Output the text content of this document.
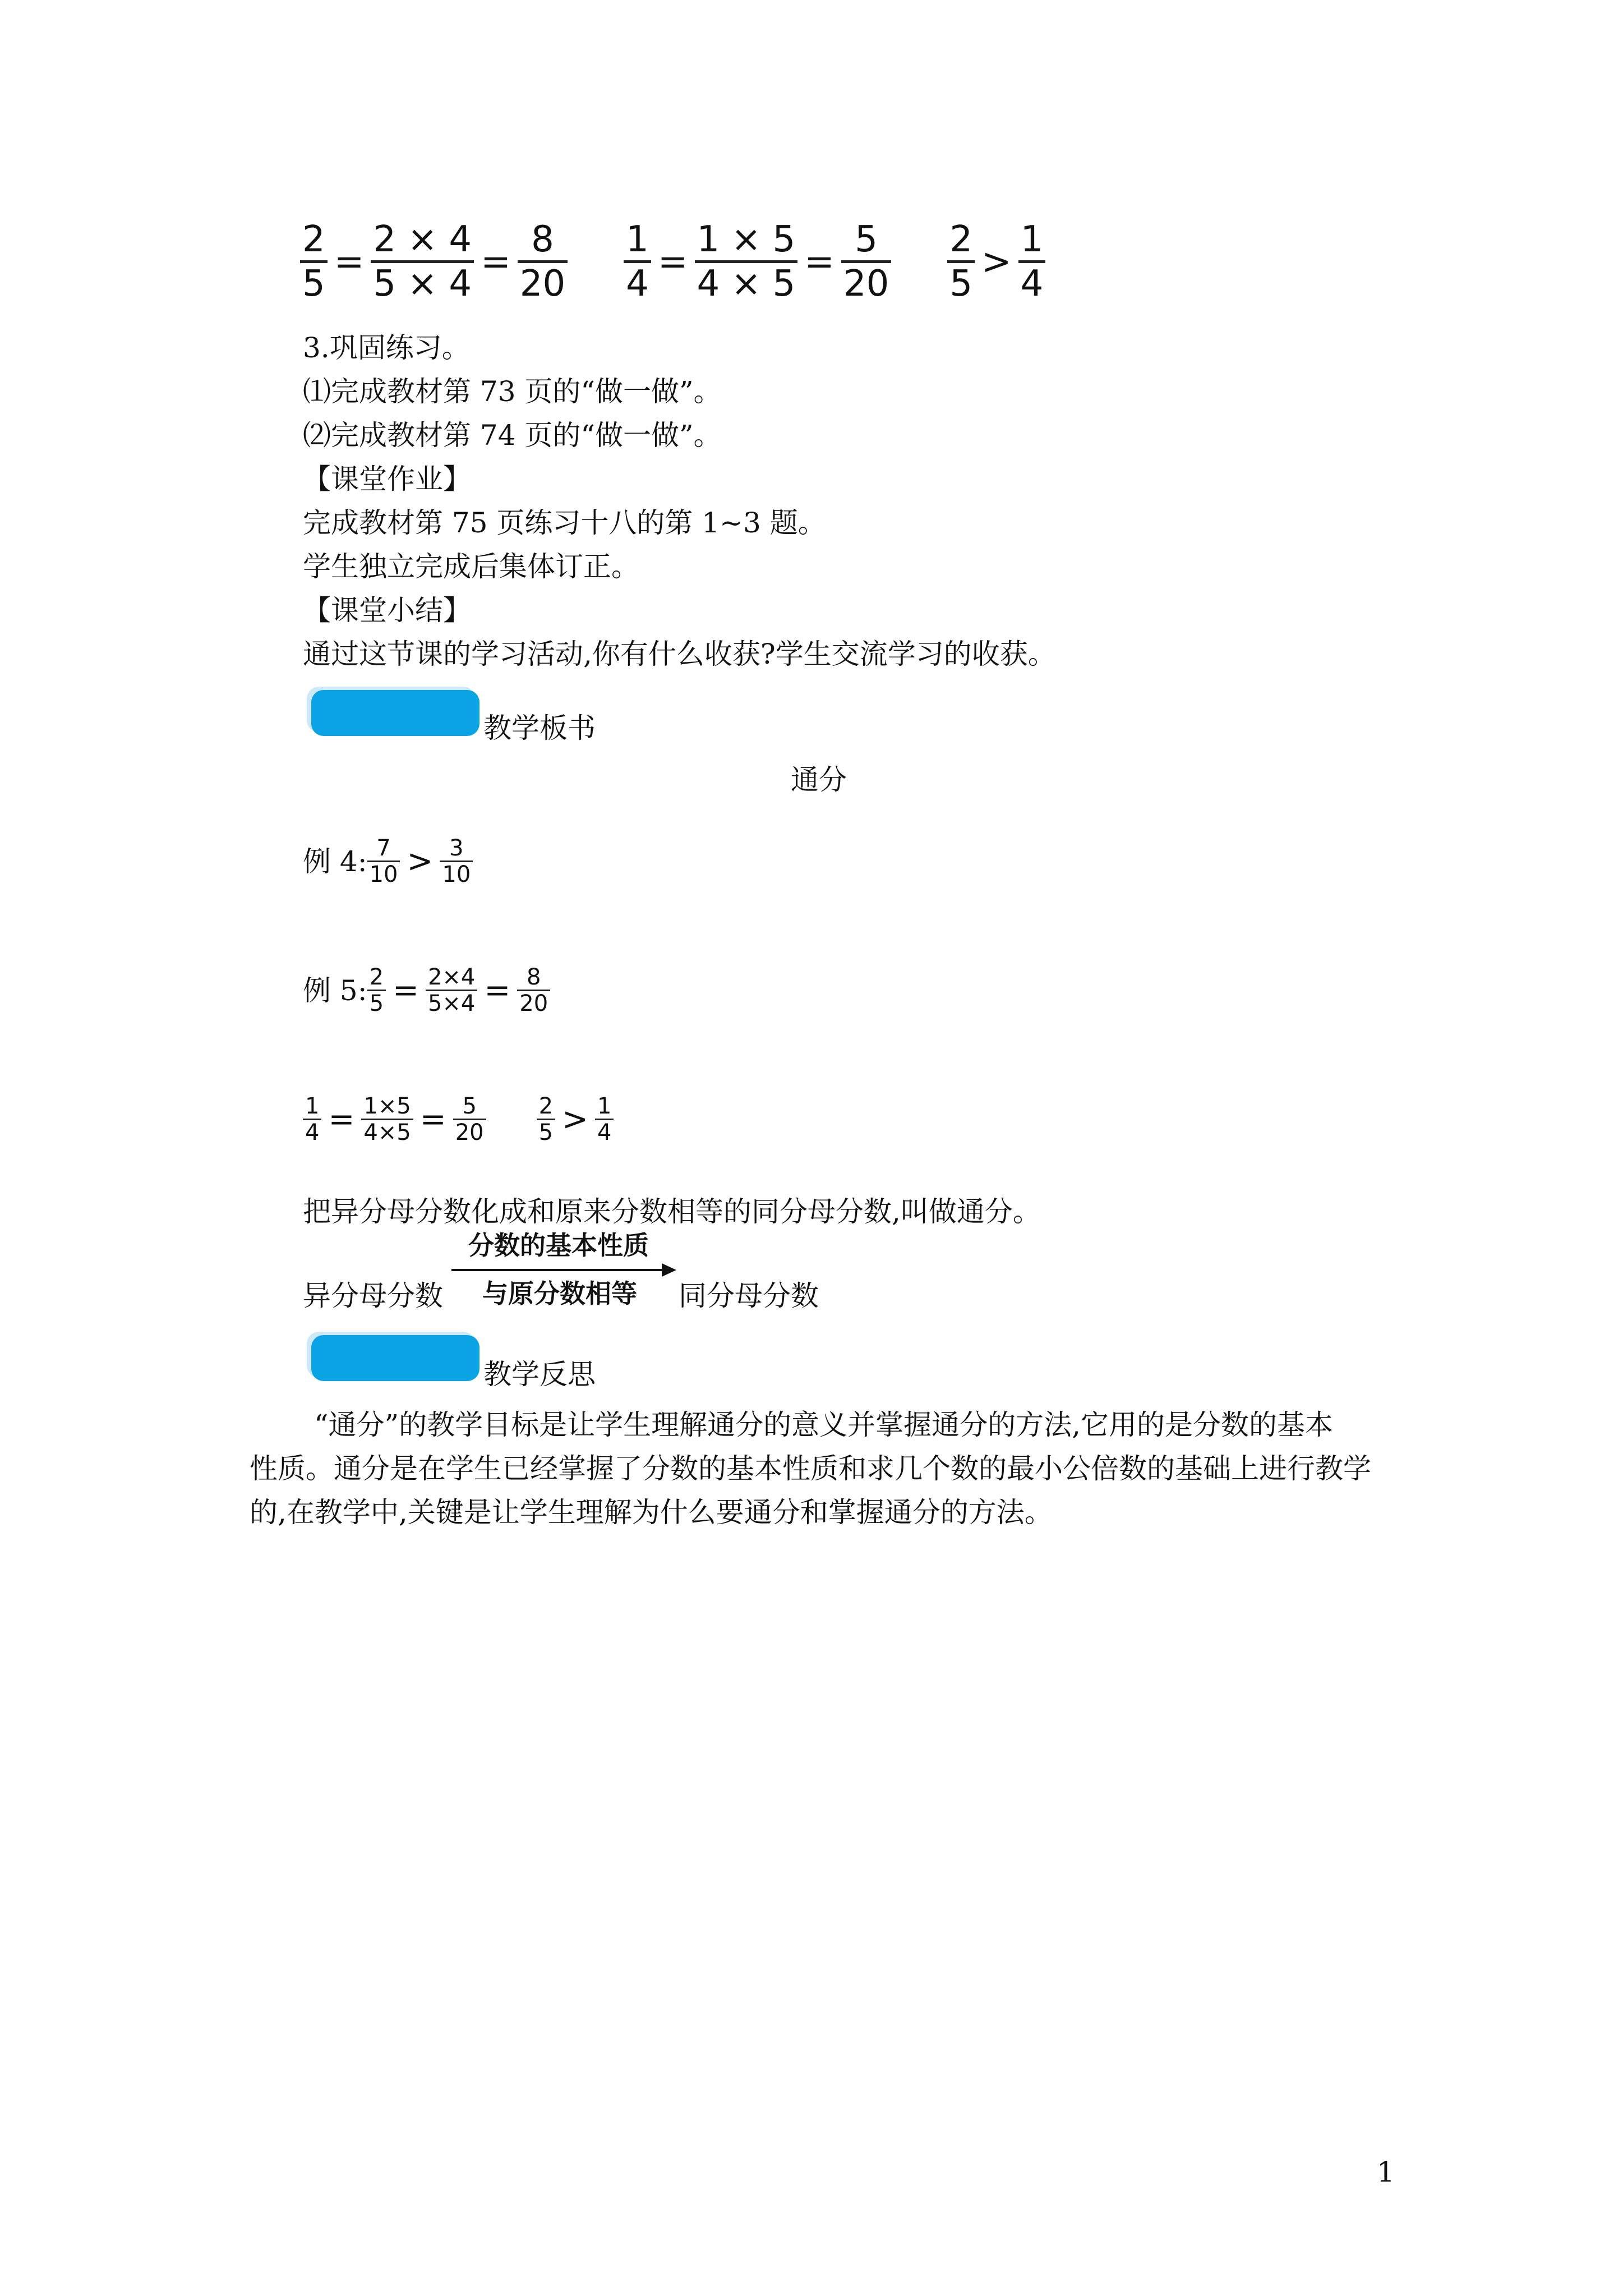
2
5
=
2 × 4
5 × 4
=
8
20
1
4
=
1 × 5
4 × 5
=
5
20
2
5
>
1
4
3.巩固练习。
⑴完成教材第 73 页的“做一做”。
⑵完成教材第 74 页的“做一做”。
【课堂作业】
完成教材第 75 页练习十八的第 1~3 题。
学生独立完成后集体订正。
【课堂小结】
通过这节课的学习活动,你有什么收获?学生交流学习的收获。
教学板书
通分
例 4: $\frac{7}{10} > \frac{3}{10}$
例 5: $\frac{2}{5} = \frac{2\times 4}{5\times 4} = \frac{8}{20}$
$\frac{1}{4} = \frac{1\times 5}{4\times 5} = \frac{5}{20} \frac{2}{5} > \frac{1}{4}$
把异分母分数化成和原来分数相等的同分母分数,叫做通分。
异分母分数
分数的基本性质
与原分数相等 同分母分数
教学反思
“通分”的教学目标是让学生理解通分的意义并掌握通分的方法,它用的是分数的基本
性质。通分是在学生已经掌握了分数的基本性质和求几个数的最小公倍数的基础上进行教学
的,在教学中,关键是让学生理解为什么要通分和掌握通分的方法。
1
